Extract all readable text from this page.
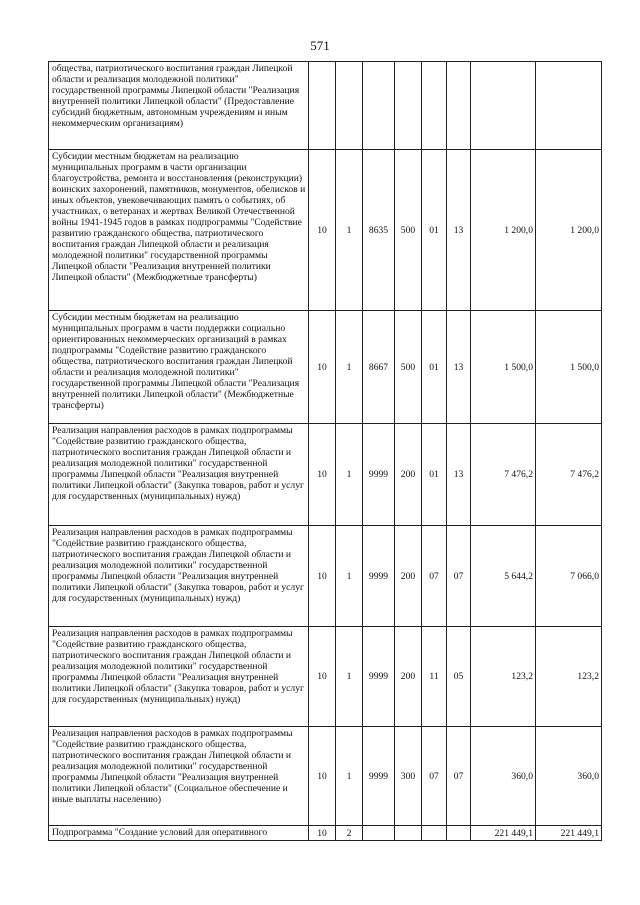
571
общества, патриотического воспитания граждан Липецкой области и реализация молодежной политики" государственной программы Липецкой области "Реализация внутренней политики Липецкой области" (Предоставление субсидий бюджетным, автономным учреждениям и иным некоммерческим организациям)								
Субсидии местным бюджетам на реализацию муниципальных программ в части организации благоустройства, ремонта и восстановления (реконструкции) воинских захоронений, памятников, монументов, обелисков и иных объектов, увековечивающих память о событиях, об участниках, о ветеранах и жертвах Великой Отечественной войны 1941-1945 годов в рамках подпрограммы "Содействие развитию гражданского общества, патриотического воспитания граждан Липецкой области и реализация молодежной политики" государственной программы Липецкой области "Реализация внутренней политики Липецкой области" (Межбюджетные трансферты)	10	1	8635	500	01	13	1 200,0	1 200,0
Субсидии местным бюджетам на реализацию муниципальных программ в части поддержки социально ориентированных некоммерческих организаций в рамках подпрограммы "Содействие развитию гражданского общества, патриотического воспитания граждан Липецкой области и реализация молодежной политики" государственной программы Липецкой области "Реализация внутренней политики Липецкой области" (Межбюджетные трансферты)	10	1	8667	500	01	13	1 500,0	1 500,0
Реализация направления расходов в рамках подпрограммы "Содействие развитию гражданского общества, патриотического воспитания граждан Липецкой области и реализация молодежной политики" государственной программы Липецкой области "Реализация внутренней политики Липецкой области" (Закупка товаров, работ и услуг для государственных (муниципальных) нужд)	10	1	9999	200	01	13	7 476,2	7 476,2
Реализация направления расходов в рамках подпрограммы "Содействие развитию гражданского общества, патриотического воспитания граждан Липецкой области и реализация молодежной политики" государственной программы Липецкой области "Реализация внутренней политики Липецкой области" (Закупка товаров, работ и услуг для государственных (муниципальных) нужд)	10	1	9999	200	07	07	5 644,2	7 066,0
Реализация направления расходов в рамках подпрограммы "Содействие развитию гражданского общества, патриотического воспитания граждан Липецкой области и реализация молодежной политики" государственной программы Липецкой области "Реализация внутренней политики Липецкой области" (Закупка товаров, работ и услуг для государственных (муниципальных) нужд)	10	1	9999	200	11	05	123,2	123,2
Реализация направления расходов в рамках подпрограммы "Содействие развитию гражданского общества, патриотического воспитания граждан Липецкой области и реализация молодежной политики" государственной программы Липецкой области "Реализация внутренней политики Липецкой области" (Социальное обеспечение и иные выплаты населению)	10	1	9999	300	07	07	360,0	360,0
Подпрограмма "Создание условий для оперативного	10	2					221 449,1	221 449,1
